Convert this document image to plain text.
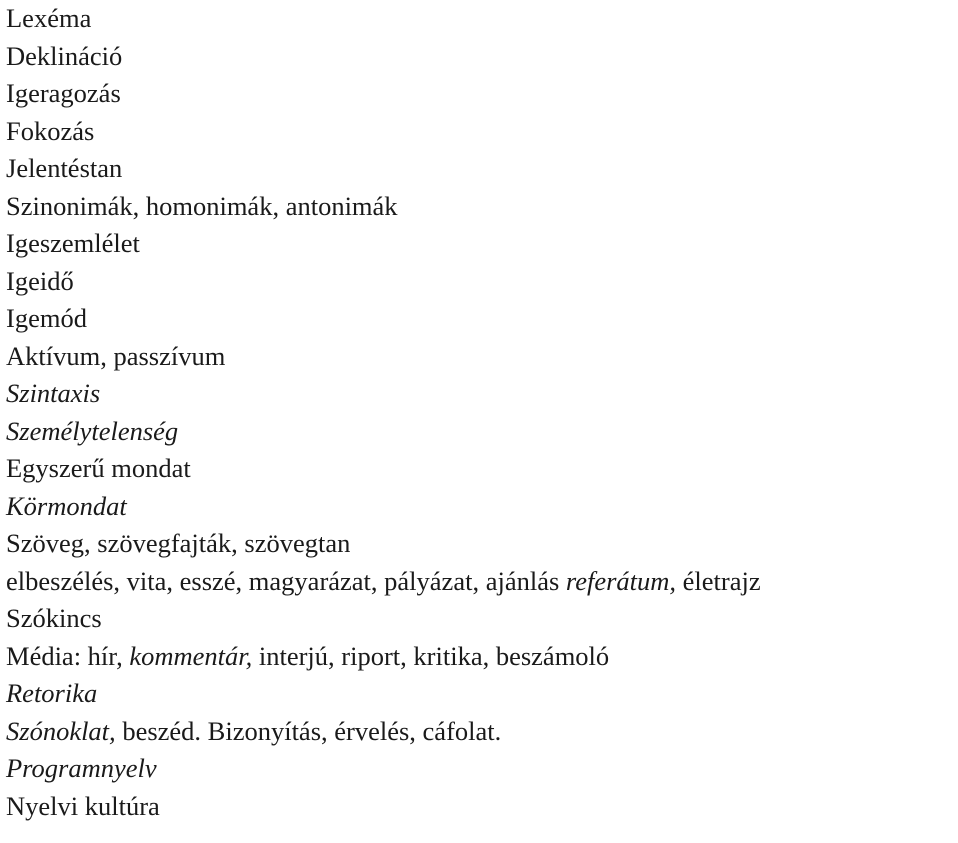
Lexéma
Deklináció
Igeragozás
Fokozás
Jelentéstan
Szinonimák, homonimák, antonimák
Igeszemlélet
Igeidő
Igemód
Aktívum, passzívum
Szintaxis
Személytelenség
Egyszerű mondat
Körmondat
Szöveg, szövegfajták, szövegtan
elbeszélés, vita, esszé, magyarázat, pályázat, ajánlás referátum, életrajz
Szókincs
Média: hír, kommentár, interjú, riport, kritika, beszámoló
Retorika
Szónoklat, beszéd. Bizonyítás, érvelés, cáfolat.
Programnyelv
Nyelvi kultúra
